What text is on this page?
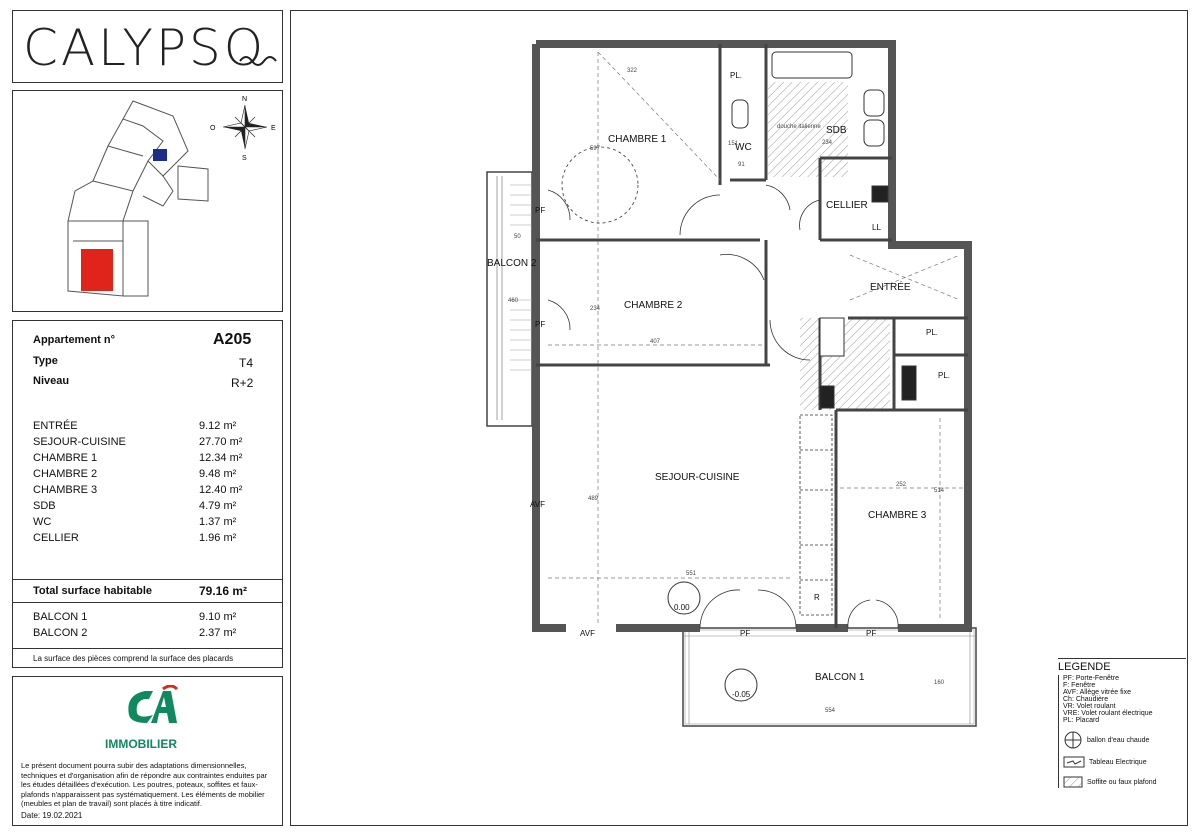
CALYPSO
N
O	E
S
Appartement n°	A205
Type	T4
Niveau	R+2
ENTRÉE	9.12 m²
SEJOUR-CUISINE	27.70 m²
CHAMBRE 1	12.34 m²
CHAMBRE 2	9.48 m²
CHAMBRE 3	12.40 m²
SDB	4.79 m²
WC	1.37 m²
CELLIER	1.96 m²
Total surface habitable	79.16 m²
BALCON 1	9.10 m²
BALCON 2	2.37 m²
La surface des pièces comprend la surface des placards
IMMOBILIER
Le présent document pourra subir des adaptations dimensionnelles, techniques et d'organisation afin de répondre aux contraintes enduites par les études détaillées d'exécution. Les poutres, poteaux, soffites et faux-plafonds n'apparaissent pas systématiquement. Les éléments de mobilier (meubles et plan de travail) sont placés à titre indicatif.
Date: 19.02.2021
CHAMBRE 1
CHAMBRE 2
SEJOUR-CUISINE
CHAMBRE 3
SDB
WC
CELLIER
ENTRÉE
BALCON 1
BALCON 2
PL.
PL.
PL.
PF
PF
PF	PF
AVF
AVF
LL
R
0.00
-0.05
322
151
91
234
50
460
234
407
489
551
252
514
160
554
597
douche italienne
LEGENDE
PF: Porte-Fenêtre
F: Fenêtre
AVF: Allège vitrée fixe
Ch: Chaudière
VR: Volet roulant
VRE: Volet roulant électrique
PL: Placard
ballon d'eau chaude
Tableau Electrique
Soffite ou faux plafond
